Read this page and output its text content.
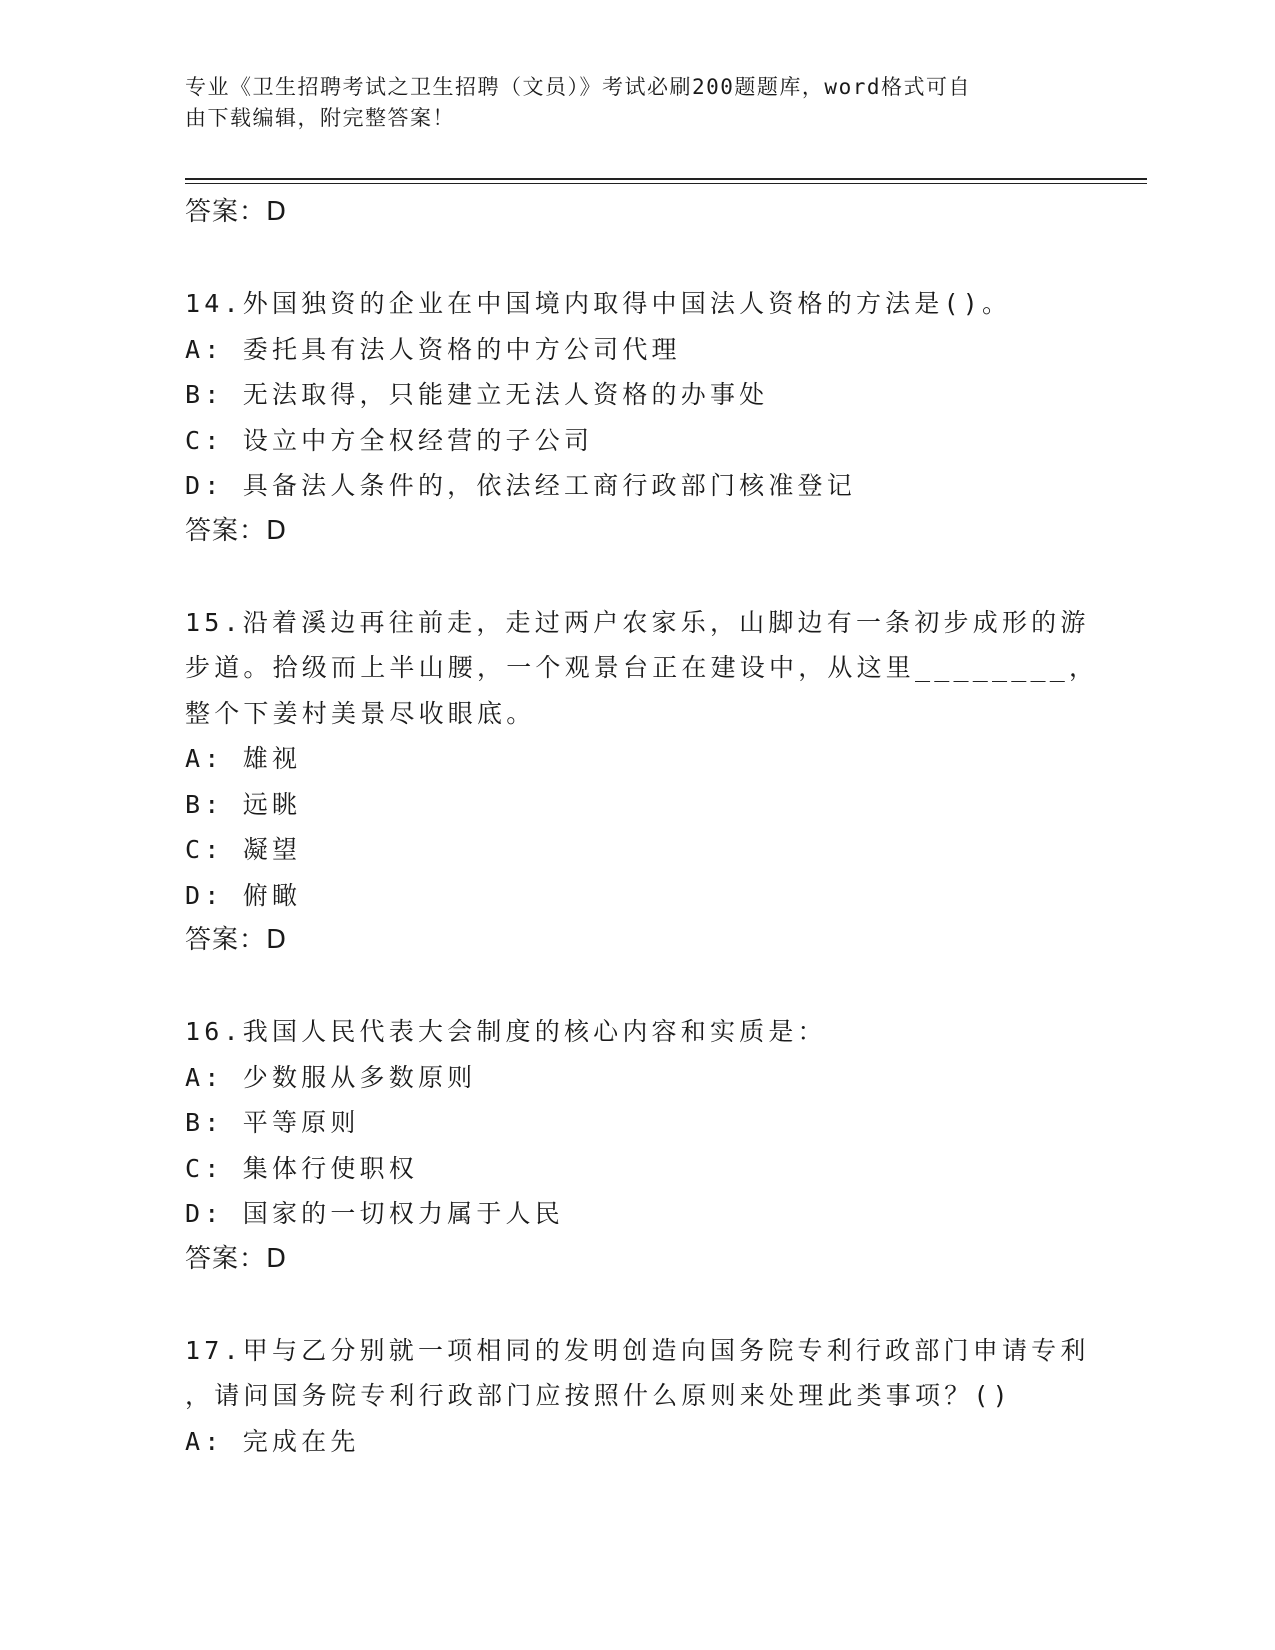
专业《卫生招聘考试之卫生招聘（文员）》考试必刷200题题库，word格式可自
由下载编辑，附完整答案！
答案：D
14.外国独资的企业在中国境内取得中国法人资格的方法是()。
A: 委托具有法人资格的中方公司代理
B: 无法取得，只能建立无法人资格的办事处
C: 设立中方全权经营的子公司
D: 具备法人条件的，依法经工商行政部门核准登记
答案：D
15.沿着溪边再往前走，走过两户农家乐，山脚边有一条初步成形的游
步道。拾级而上半山腰，一个观景台正在建设中，从这里________，
整个下姜村美景尽收眼底。
A: 雄视
B: 远眺
C: 凝望
D: 俯瞰
答案：D
16.我国人民代表大会制度的核心内容和实质是：
A: 少数服从多数原则
B: 平等原则
C: 集体行使职权
D: 国家的一切权力属于人民
答案：D
17.甲与乙分别就一项相同的发明创造向国务院专利行政部门申请专利
，请问国务院专利行政部门应按照什么原则来处理此类事项？()
A: 完成在先
